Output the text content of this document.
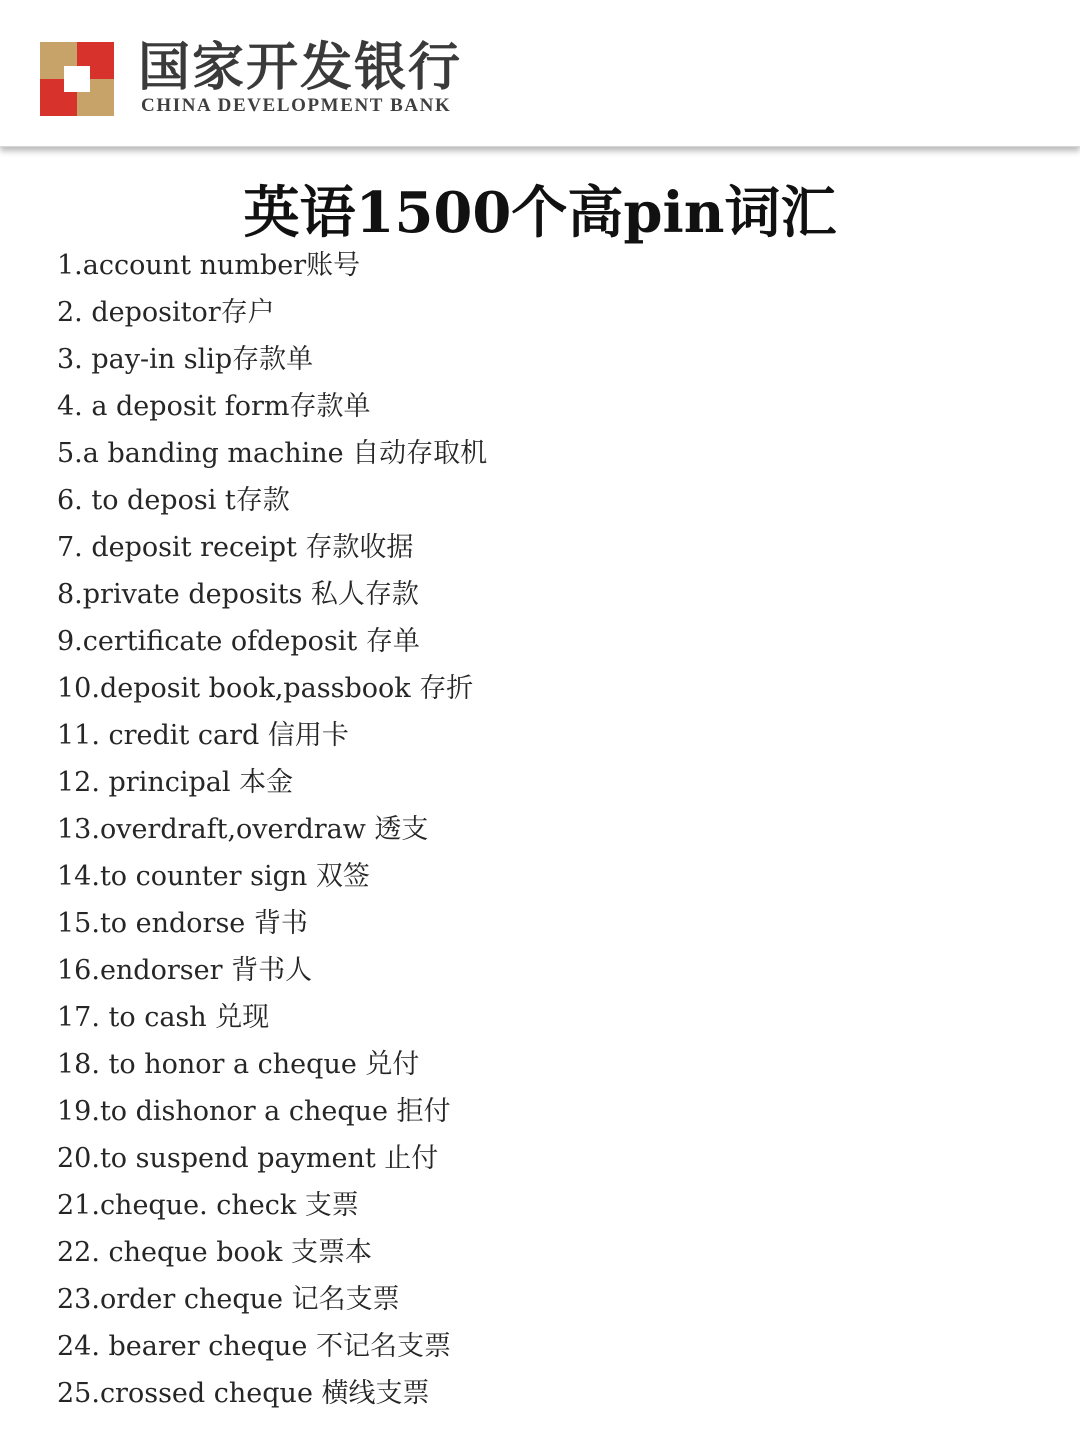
国家开发银行
CHINA DEVELOPMENT BANK
英语1500个高pin词汇
1.account number账号
2. depositor存户
3. pay-in slip存款单
4. a deposit form存款单
5.a banding machine 自动存取机
6. to deposi t存款
7. deposit receipt 存款收据
8.private deposits 私人存款
9.certificate ofdeposit 存单
10.deposit book,passbook 存折
11. credit card 信用卡
12. principal 本金
13.overdraft,overdraw 透支
14.to counter sign 双签
15.to endorse 背书
16.endorser 背书人
17. to cash 兑现
18. to honor a cheque 兑付
19.to dishonor a cheque 拒付
20.to suspend payment 止付
21.cheque. check 支票
22. cheque book 支票本
23.order cheque 记名支票
24. bearer cheque 不记名支票
25.crossed cheque 横线支票
